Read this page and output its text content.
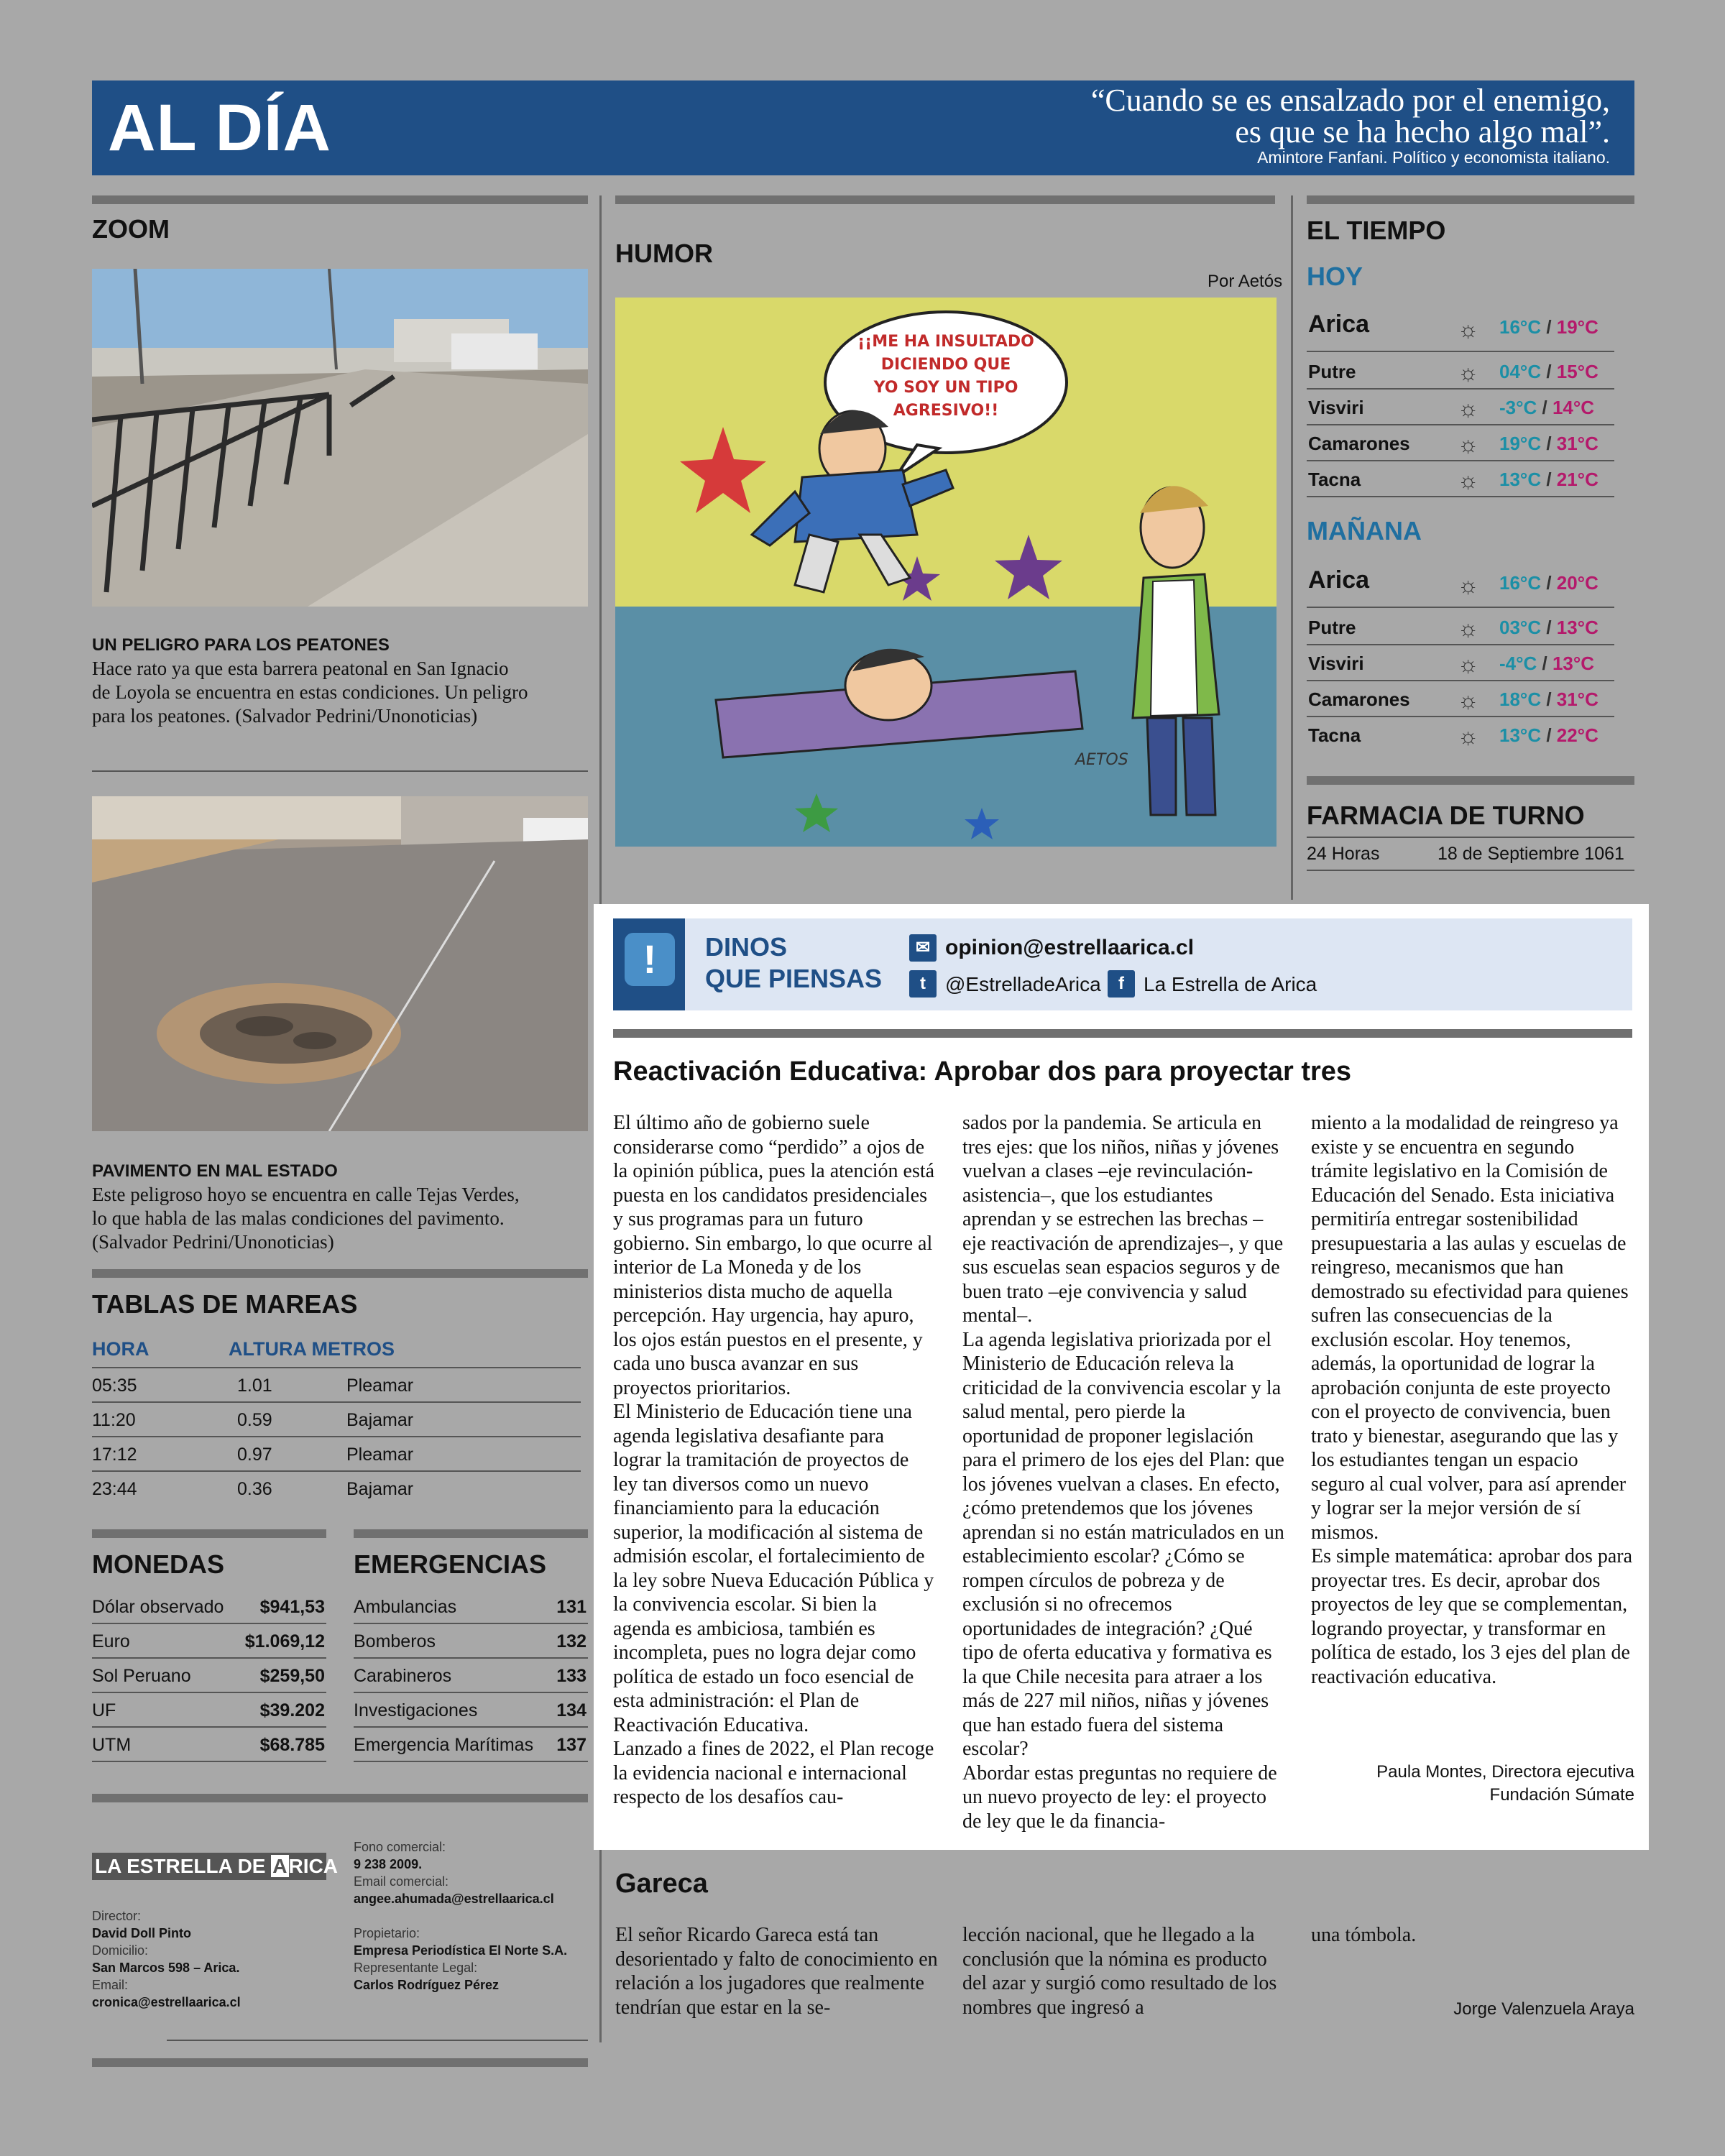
AL DÍA	“Cuando se es ensalzado por el enemigo,
es que se ha hecho algo mal”.
Amintore Fanfani. Político y economista italiano.
ZOOM
UN PELIGRO PARA LOS PEATONES
Hace rato ya que esta barrera peatonal en San Ignacio
de Loyola se encuentra en estas condiciones. Un peligro
para los peatones. (Salvador Pedrini/Unonoticias)
PAVIMENTO EN MAL ESTADO
Este peligroso hoyo se encuentra en calle Tejas Verdes,
lo que habla de las malas condiciones del pavimento.
(Salvador Pedrini/Unonoticias)
TABLAS DE MAREAS
HORA	ALTURA METROS
05:35	1.01	Pleamar
11:20	0.59	Bajamar
17:12	0.97	Pleamar
23:44	0.36	Bajamar
MONEDAS
Dólar observado $941,53
Euro	$1.069,12
Sol Peruano	$259,50
UF	$39.202
UTM	$68.785
EMERGENCIAS
Ambulancias	131
Bomberos	132
Carabineros	133
Investigaciones	134
Emergencia Marítimas 137
LA ESTRELLA DE ARICA
Director:
David Doll Pinto
Domicilio:
San Marcos 598 – Arica.
Email:
cronica@estrellaarica.cl
Fono comercial:
9 238 2009.
Email comercial:
angee.ahumada@estrellaarica.cl
Propietario:
Empresa Periodística El Norte S.A.
Representante Legal:
Carlos Rodríguez Pérez
HUMOR
Por Aetós
¡¡ME HA INSULTADO
DICIENDO QUE
YO SOY UN TIPO
AGRESIVO!!
AETOS
EL TIEMPO
HOY
Arica	☼ 16°C / 19°C
Putre	☼ 04°C / 15°C
Visviri	☼ -3°C / 14°C
Camarones ☼ 19°C / 31°C
Tacna	☼ 13°C / 21°C
MAÑANA
Arica	☼ 16°C / 20°C
Putre	☼ 03°C / 13°C
Visviri	☼ -4°C / 13°C
Camarones ☼ 18°C / 31°C
Tacna	☼ 13°C / 22°C
FARMACIA DE TURNO
24 Horas	18 de Septiembre 1061
!	DINOS
QUE PIENSAS
✉ opinion@estrellaarica.cl
t @EstrelladeArica	f La Estrella de Arica
Reactivación Educativa: Aprobar dos para proyectar tres

El último año de gobierno suele considerarse como “perdido” a ojos de la opinión pública, pues la atención está puesta en los candidatos presidenciales y sus programas para un futuro gobierno. Sin embargo, lo que ocurre al interior de La Moneda y de los ministerios dista mucho de aquella percepción. Hay urgencia, hay apuro, los ojos están puestos en el presente, y cada uno busca avanzar en sus proyectos prioritarios.

El Ministerio de Educación tiene una agenda legislativa desafiante para lograr la tramitación de proyectos de ley tan diversos como un nuevo financiamiento para la educación superior, la modificación al sistema de admisión escolar, el fortalecimiento de la ley sobre Nueva Educación Pública y la convivencia escolar. Si bien la agenda es ambiciosa, también es incompleta, pues no logra dejar como política de estado un foco esencial de esta administración: el Plan de Reactivación Educativa.

Lanzado a fines de 2022, el Plan recoge la evidencia nacional e internacional respecto de los desafíos cau-

sados por la pandemia. Se articula en tres ejes: que los niños, niñas y jóvenes vuelvan a clases –eje revinculación-asistencia–, que los estudiantes aprendan y se estrechen las brechas –eje reactivación de aprendizajes–, y que sus escuelas sean espacios seguros y de buen trato –eje convivencia y salud mental–.

La agenda legislativa priorizada por el Ministerio de Educación releva la criticidad de la convivencia escolar y la salud mental, pero pierde la oportunidad de proponer legislación para el primero de los ejes del Plan: que los jóvenes vuelvan a clases. En efecto, ¿cómo pretendemos que los jóvenes aprendan si no están matriculados en un establecimiento escolar? ¿Cómo se rompen círculos de pobreza y de exclusión si no ofrecemos oportunidades de integración? ¿Qué tipo de oferta educativa y formativa es la que Chile necesita para atraer a los más de 227 mil niños, niñas y jóvenes que han estado fuera del sistema escolar?

Abordar estas preguntas no requiere de un nuevo proyecto de ley: el proyecto de ley que le da financia-

miento a la modalidad de reingreso ya existe y se encuentra en segundo trámite legislativo en la Comisión de Educación del Senado. Esta iniciativa permitiría entregar sostenibilidad presupuestaria a las aulas y escuelas de reingreso, mecanismos que han demostrado su efectividad para quienes sufren las consecuencias de la exclusión escolar. Hoy tenemos, además, la oportunidad de lograr la aprobación conjunta de este proyecto con el proyecto de convivencia, buen trato y bienestar, asegurando que las y los estudiantes tengan un espacio seguro al cual volver, para así aprender y lograr ser la mejor versión de sí mismos.

Es simple matemática: aprobar dos para proyectar tres. Es decir, aprobar dos proyectos de ley que se complementan, logrando proyectar, y transformar en política de estado, los 3 ejes del plan de reactivación educativa.

Paula Montes, Directora ejecutiva
Fundación Súmate
Gareca

El señor Ricardo Gareca está tan desorientado y falto de conocimiento en relación a los jugadores que realmente tendrían que estar en la se-

lección nacional, que he llegado a la conclusión que la nómina es producto del azar y surgió como resultado de los nombres que ingresó a

una tómbola.

Jorge Valenzuela Araya
